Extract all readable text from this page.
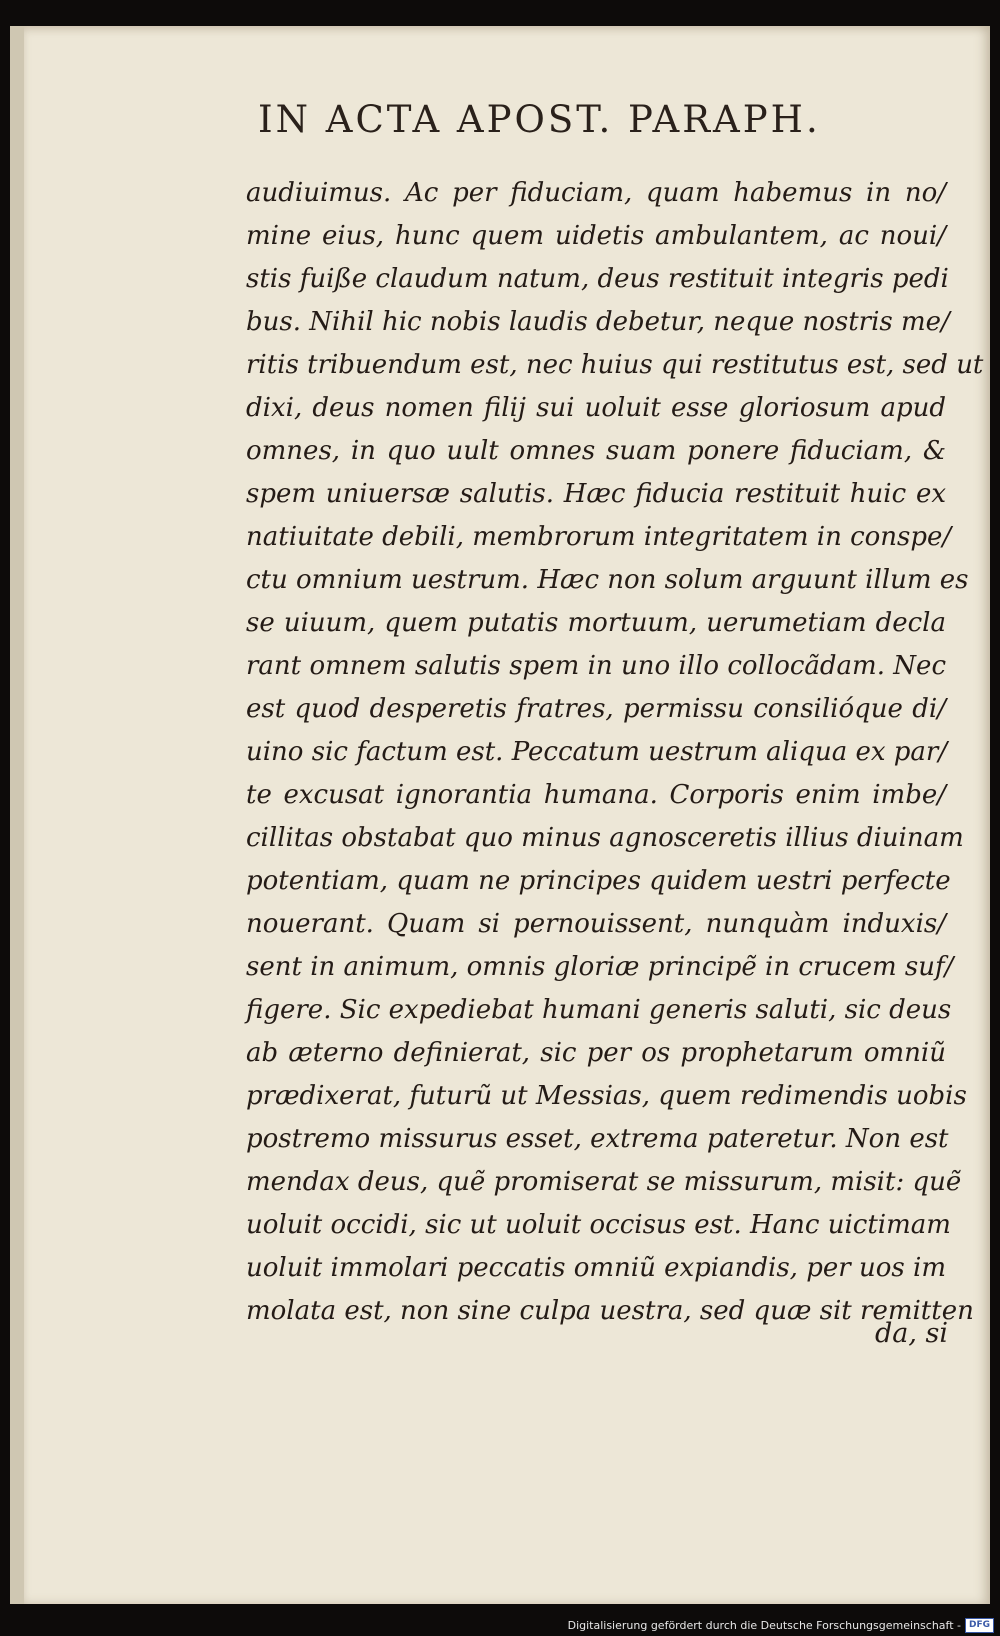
IN ACTA APOST. PARAPH.
audiuimus. Ac per fiduciam, quam habemus in no/
mine eius, hunc quem uidetis ambulantem, ac noui/
stis fuiße claudum natum, deus restituit integris pedi
bus. Nihil hic nobis laudis debetur, neque nostris me/
ritis tribuendum est, nec huius qui restitutus est, sed ut
dixi, deus nomen filij sui uoluit esse gloriosum apud
omnes, in quo uult omnes suam ponere fiduciam, &
spem uniuersæ salutis. Hæc fiducia restituit huic ex
natiuitate debili, membrorum integritatem in conspe/
ctu omnium uestrum. Hæc non solum arguunt illum es
se uiuum, quem putatis mortuum, uerumetiam decla
rant omnem salutis spem in uno illo collocãdam. Nec
est quod desperetis fratres, permissu consilióque di/
uino sic factum est. Peccatum uestrum aliqua ex par/
te excusat ignorantia humana. Corporis enim imbe/
cillitas obstabat quo minus agnosceretis illius diuinam
potentiam, quam ne principes quidem uestri perfecte
nouerant. Quam si pernouissent, nunquàm induxis/
sent in animum, omnis gloriæ principẽ in crucem suf/
figere. Sic expediebat humani generis saluti, sic deus
ab æterno definierat, sic per os prophetarum omniũ
prædixerat, futurũ ut Messias, quem redimendis uobis
postremo missurus esset, extrema pateretur. Non est
mendax deus, quẽ promiserat se missurum, misit: quẽ
uoluit occidi, sic ut uoluit occisus est. Hanc uictimam
uoluit immolari peccatis omniũ expiandis, per uos im
molata est, non sine culpa uestra, sed quæ sit remitten
da, si
Digitalisierung gefördert durch die Deutsche Forschungsgemeinschaft - DFG
